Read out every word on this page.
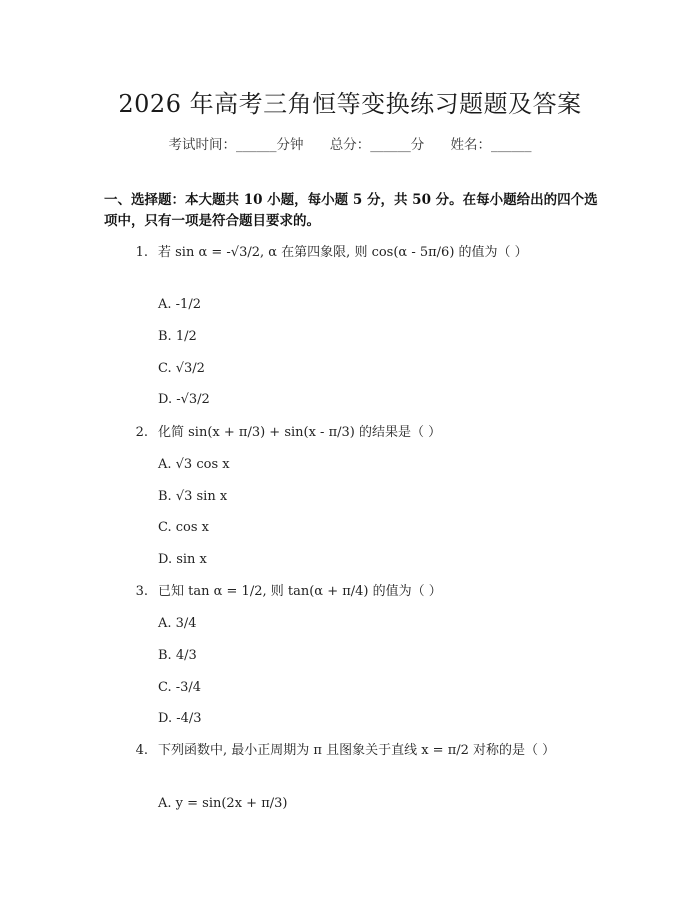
2026 年高考三角恒等变换练习题题及答案
考试时间：______分钟 总分：______分 姓名：______
一、选择题：本大题共 10 小题，每小题 5 分，共 50 分。在每小题给出的四个选项中，只有一项是符合题目要求的。
1. 若 sin α = -√3/2, α 在第四象限, 则 cos(α - 5π/6) 的值为（ ）
A. -1/2
B. 1/2
C. √3/2
D. -√3/2
2. 化简 sin(x + π/3) + sin(x - π/3) 的结果是（ ）
A. √3 cos x
B. √3 sin x
C. cos x
D. sin x
3. 已知 tan α = 1/2, 则 tan(α + π/4) 的值为（ ）
A. 3/4
B. 4/3
C. -3/4
D. -4/3
4. 下列函数中, 最小正周期为 π 且图象关于直线 x = π/2 对称的是（ ）
A. y = sin(2x + π/3)
